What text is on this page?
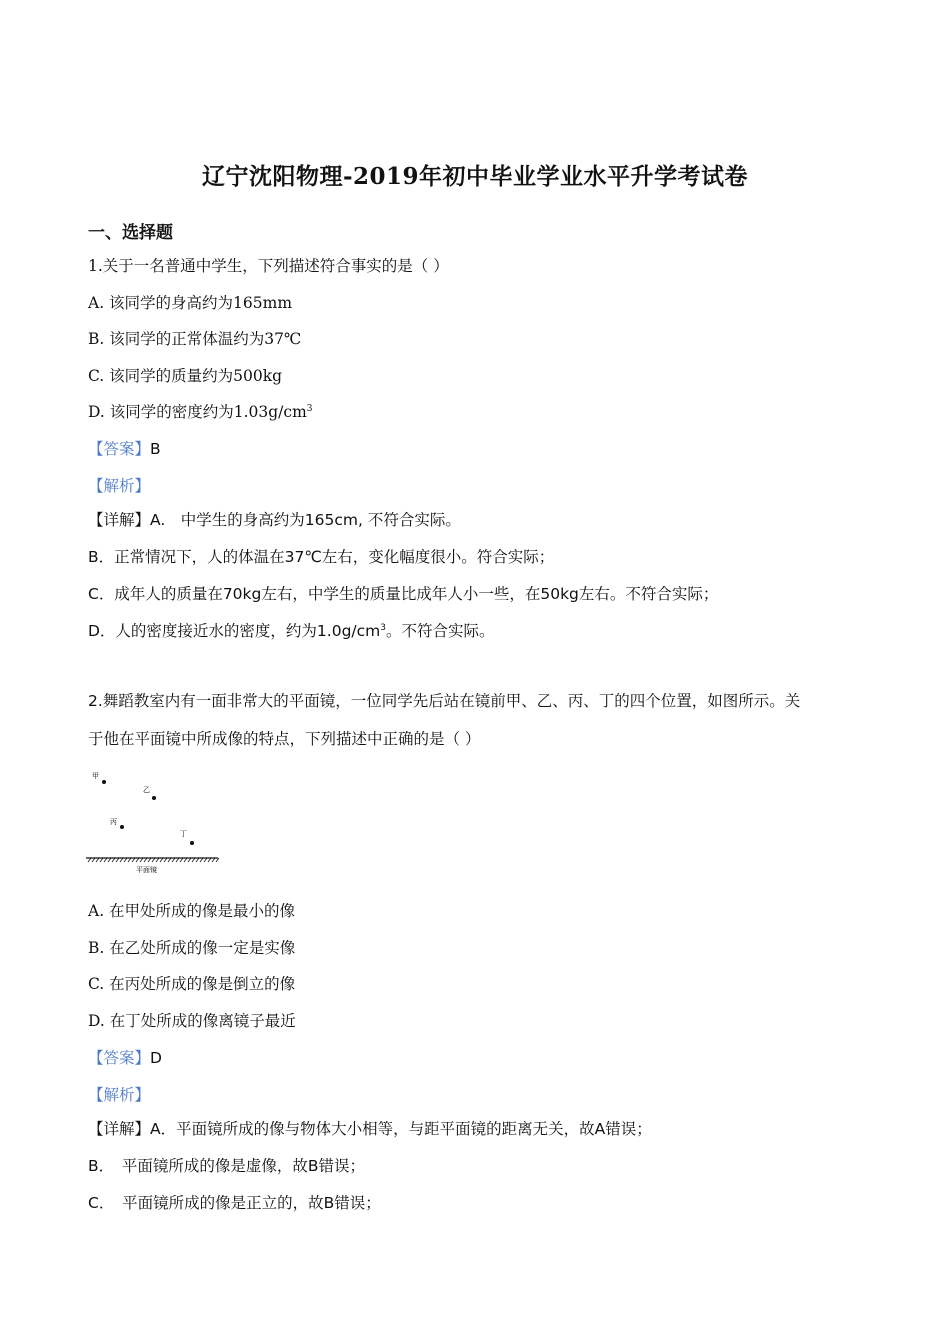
辽宁沈阳物理-2019年初中毕业学业水平升学考试卷
一、选择题
1.关于一名普通中学生，下列描述符合事实的是（ ）
A. 该同学的身高约为165mm
B. 该同学的正常体温约为37℃
C. 该同学的质量约为500kg
D. 该同学的密度约为$1.03g/cm^3$
【答案】B
【解析】
【详解】A.　中学生的身高约为165cm, 不符合实际。
B．正常情况下，人的体温在37℃左右，变化幅度很小。符合实际；
C．成年人的质量在70kg左右，中学生的质量比成年人小一些，在50kg左右。不符合实际；
D．人的密度接近水的密度，约为$1.0g/cm^3$。不符合实际。
2.舞蹈教室内有一面非常大的平面镜，一位同学先后站在镜前甲、乙、丙、丁的四个位置，如图所示。关
于他在平面镜中所成像的特点，下列描述中正确的是（ ）
甲
乙
丙
丁
平面镜
A. 在甲处所成的像是最小的像
B. 在乙处所成的像一定是实像
C. 在丙处所成的像是倒立的像
D. 在丁处所成的像离镜子最近
【答案】D
【解析】
【详解】A．平面镜所成的像与物体大小相等，与距平面镜的距离无关，故A错误；
B．　平面镜所成的像是虚像，故B错误；
C．　平面镜所成的像是正立的，故B错误；
